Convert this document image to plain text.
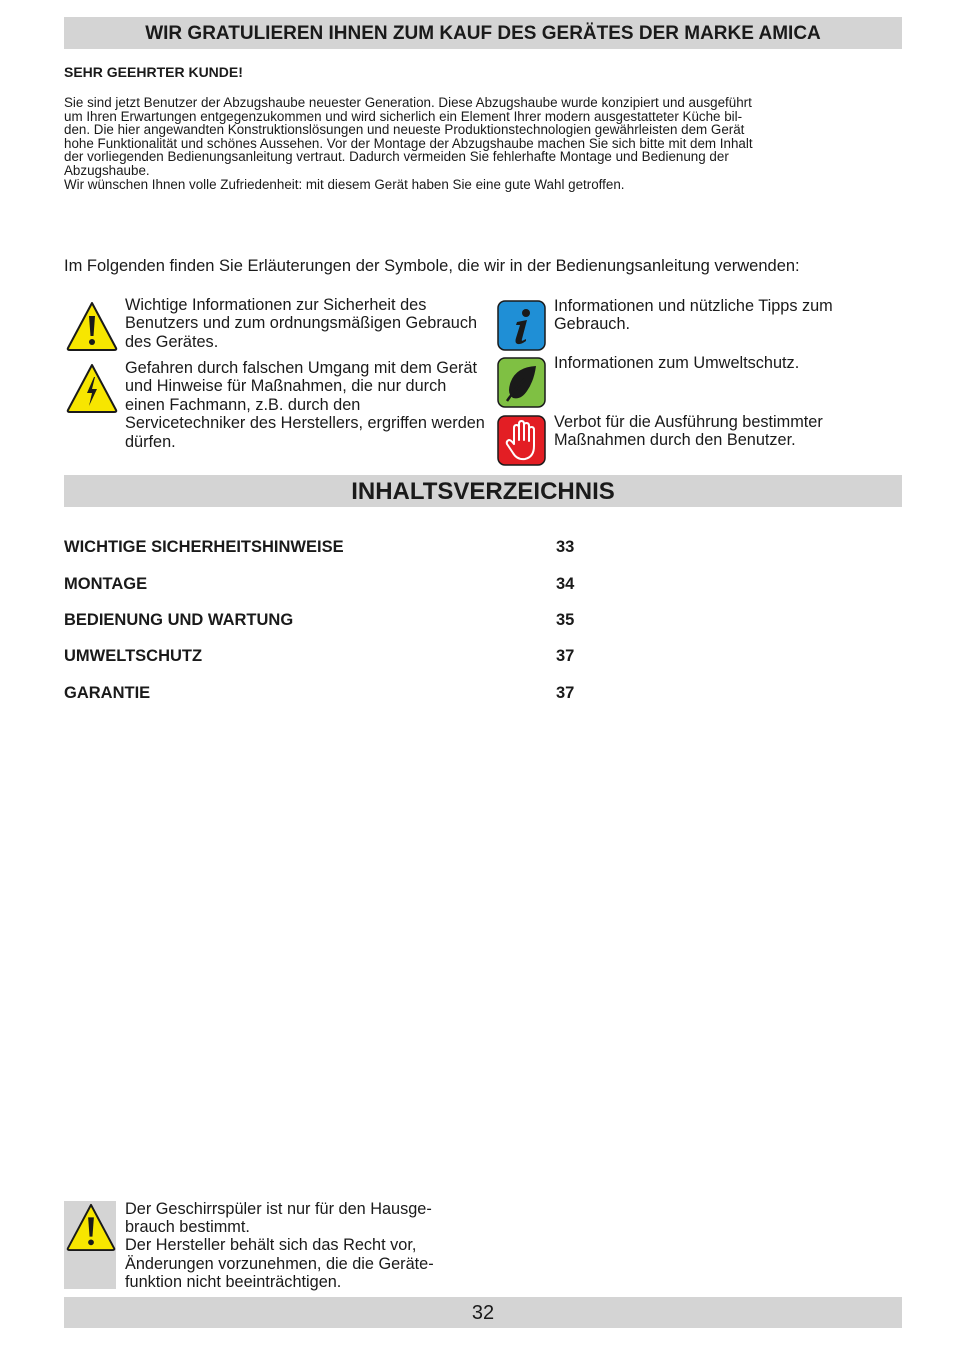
WIR GRATULIEREN IHNEN ZUM KAUF DES GERÄTES DER MARKE AMICA
SEHR GEEHRTER KUNDE!

Sie sind jetzt Benutzer der Abzugshaube neuester Generation. Diese Abzugshaube wurde konzipiert und ausgeführt

um Ihren Erwartungen entgegenzukommen und wird sicherlich ein Element Ihrer modern ausgestatteter Küche bil-

den. Die hier angewandten Konstruktionslösungen und neueste Produktionstechnologien gewährleisten dem Gerät

hohe Funktionalität und schönes Aussehen. Vor der Montage der Abzugshaube machen Sie sich bitte mit dem Inhalt

der vorliegenden Bedienungsanleitung vertraut. Dadurch vermeiden Sie fehlerhafte Montage und Bedienung der

Abzugshaube.

Wir wünschen Ihnen volle Zufriedenheit: mit diesem Gerät haben Sie eine gute Wahl getroffen.

Im Folgenden finden Sie Erläuterungen der Symbole, die wir in der Bedienungsanleitung verwenden:
Wichtige Informationen zur Sicherheit des Benutzers und zum ordnungsmäßigen Gebrauch des Gerätes.
Gefahren durch falschen Umgang mit dem Gerät und Hinweise für Maßnahmen, die nur durch einen Fachmann, z.B. durch den Servicetechniker des Herstellers, ergriffen werden dürfen.
Informationen und nützliche Tipps zum Gebrauch.
Informationen zum Umweltschutz.
Verbot für die Ausführung bestimmter Maßnahmen durch den Benutzer.
INHALTSVERZEICHNIS
WICHTIGE SICHERHEITSHINWEISE	33
MONTAGE	34
BEDIENUNG UND WARTUNG	35
UMWELTSCHUTZ	37
GARANTIE	37

Der Geschirrspüler ist nur für den Hausge-

brauch bestimmt.

Der Hersteller behält sich das Recht vor,

Änderungen vorzunehmen, die die Geräte-

funktion nicht beeinträchtigen.

32
